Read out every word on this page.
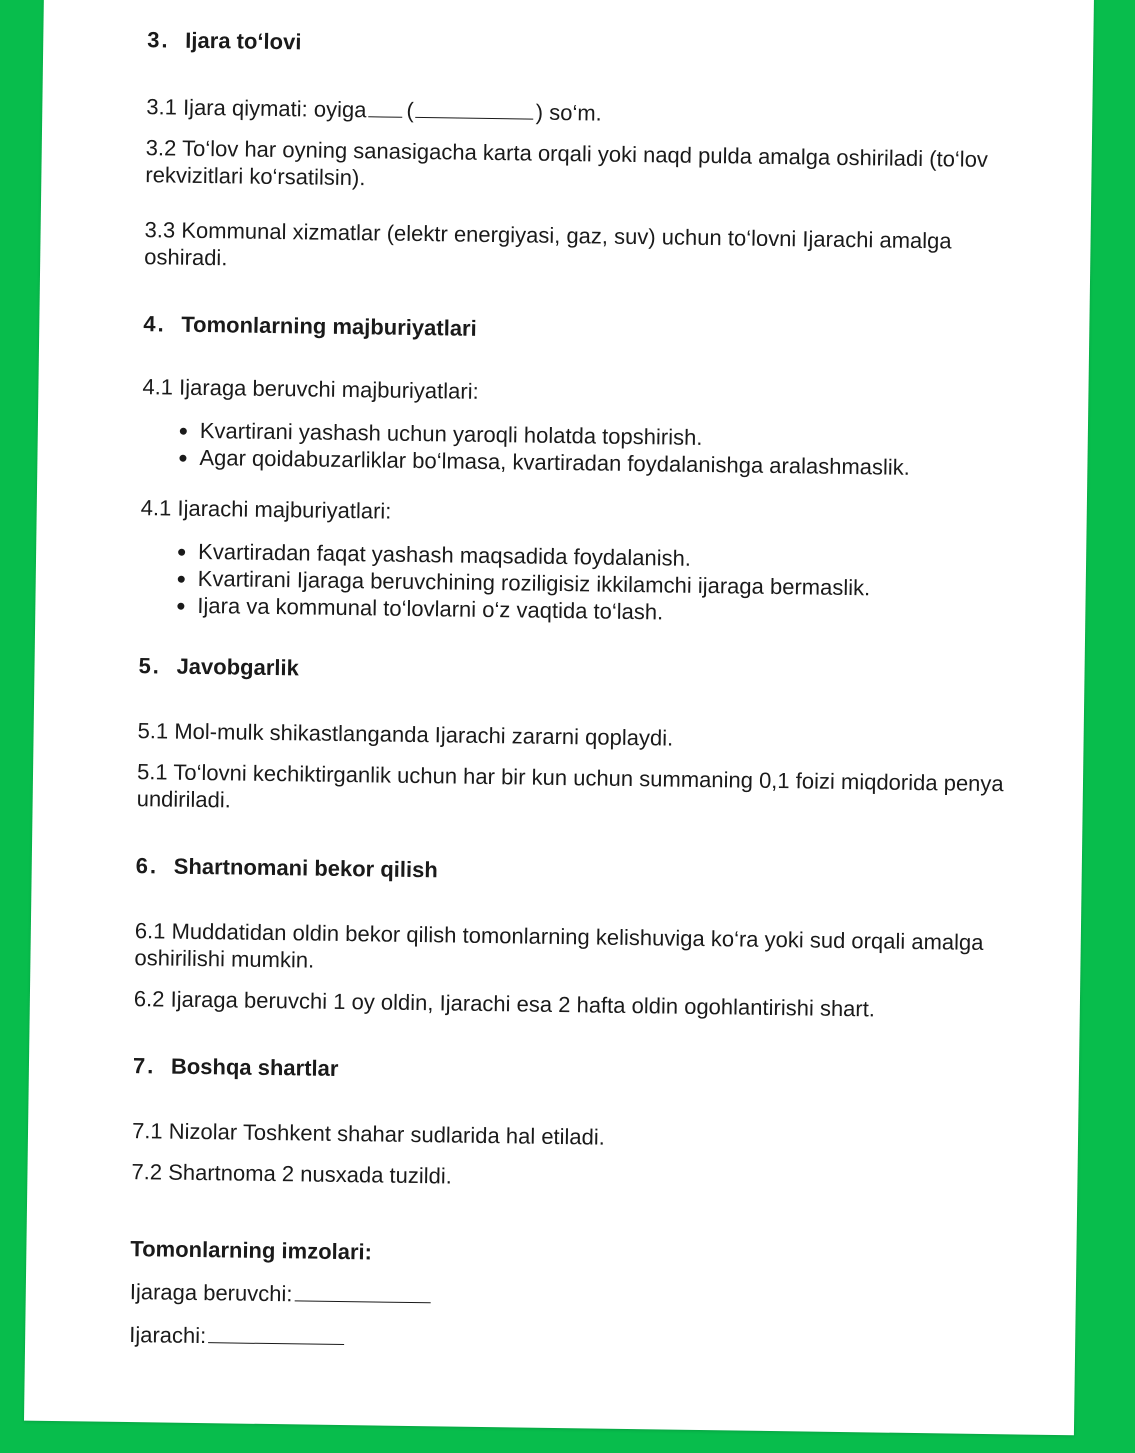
3. Ijara to‘lovi

3.1 Ijara qiymati: oyiga (	) so‘m.

3.2 To‘lov har oyning sanasigacha karta orqali yoki naqd pulda amalga oshiriladi (to‘lov rekvizitlari ko‘rsatilsin).

3.3 Kommunal xizmatlar (elektr energiyasi, gaz, suv) uchun to‘lovni Ijarachi amalga oshiradi.

4. Tomonlarning majburiyatlari

4.1 Ijaraga beruvchi majburiyatlari:

• Kvartirani yashash uchun yaroqli holatda topshirish.
• Agar qoidabuzarliklar bo‘lmasa, kvartiradan foydalanishga aralashmaslik.

4.1 Ijarachi majburiyatlari:

• Kvartiradan faqat yashash maqsadida foydalanish.
• Kvartirani Ijaraga beruvchining roziligisiz ikkilamchi ijaraga bermaslik.
• Ijara va kommunal to‘lovlarni o‘z vaqtida to‘lash.
5. Javobgarlik

5.1 Mol-mulk shikastlanganda Ijarachi zararni qoplaydi.

5.1 To‘lovni kechiktirganlik uchun har bir kun uchun summaning 0,1 foizi miqdorida penya undiriladi.

6. Shartnomani bekor qilish

6.1 Muddatidan oldin bekor qilish tomonlarning kelishuviga ko‘ra yoki sud orqali amalga oshirilishi mumkin.

6.2 Ijaraga beruvchi 1 oy oldin, Ijarachi esa 2 hafta oldin ogohlantirishi shart.

7. Boshqa shartlar

7.1 Nizolar Toshkent shahar sudlarida hal etiladi.

7.2 Shartnoma 2 nusxada tuzildi.

Tomonlarning imzolari:

Ijaraga beruvchi:

Ijarachi:
